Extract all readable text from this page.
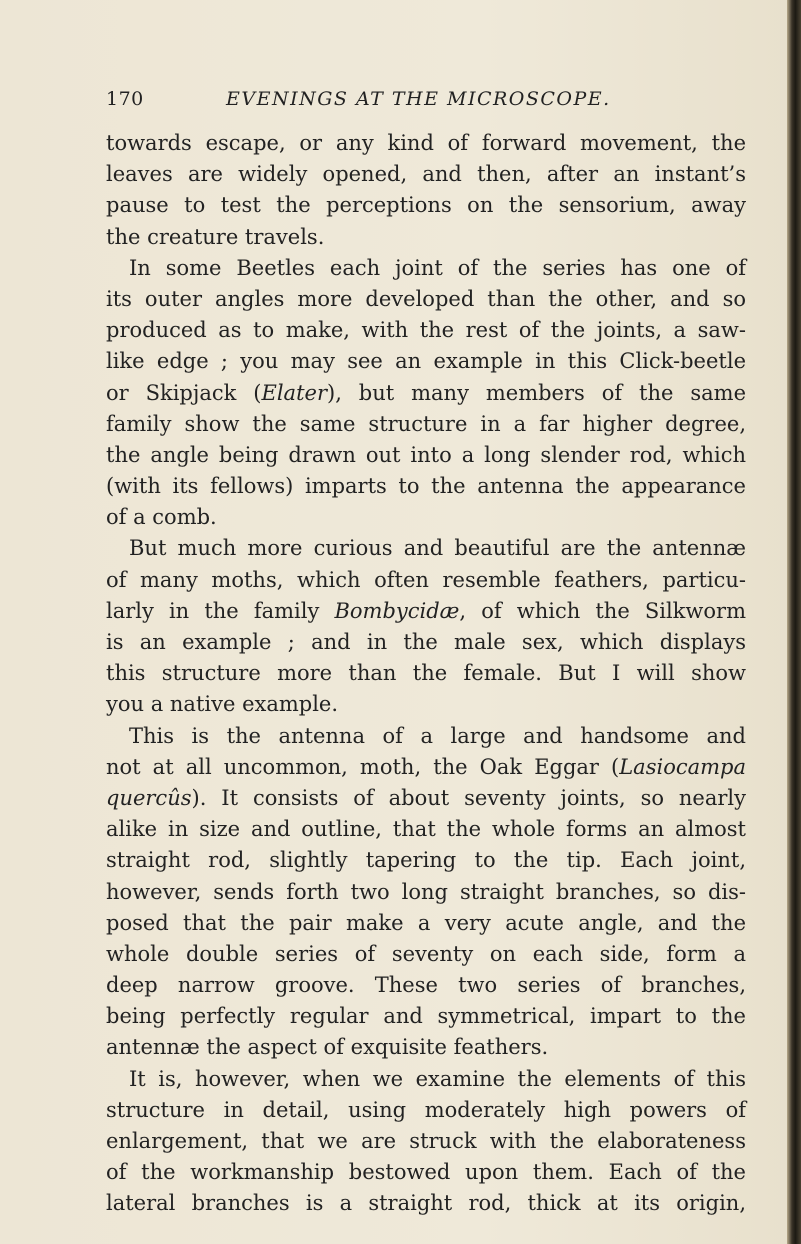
170	EVENINGS AT THE MICROSCOPE.
towards escape, or any kind of forward movement, the
leaves are widely opened, and then, after an instant’s
pause to test the perceptions on the sensorium, away
the creature travels.
In some Beetles each joint of the series has one of
its outer angles more developed than the other, and so
produced as to make, with the rest of the joints, a saw-
like edge ; you may see an example in this Click-beetle
or Skipjack (Elater), but many members of the same
family show the same structure in a far higher degree,
the angle being drawn out into a long slender rod, which
(with its fellows) imparts to the antenna the appearance
of a comb.
But much more curious and beautiful are the antennæ
of many moths, which often resemble feathers, particu-
larly in the family Bombycidæ, of which the Silkworm
is an example ; and in the male sex, which displays
this structure more than the female. But I will show
you a native example.
This is the antenna of a large and handsome and
not at all uncommon, moth, the Oak Eggar (Lasiocampa
quercûs). It consists of about seventy joints, so nearly
alike in size and outline, that the whole forms an almost
straight rod, slightly tapering to the tip. Each joint,
however, sends forth two long straight branches, so dis-
posed that the pair make a very acute angle, and the
whole double series of seventy on each side, form a
deep narrow groove. These two series of branches,
being perfectly regular and symmetrical, impart to the
antennæ the aspect of exquisite feathers.
It is, however, when we examine the elements of this
structure in detail, using moderately high powers of
enlargement, that we are struck with the elaborateness
of the workmanship bestowed upon them. Each of the
lateral branches is a straight rod, thick at its origin,
